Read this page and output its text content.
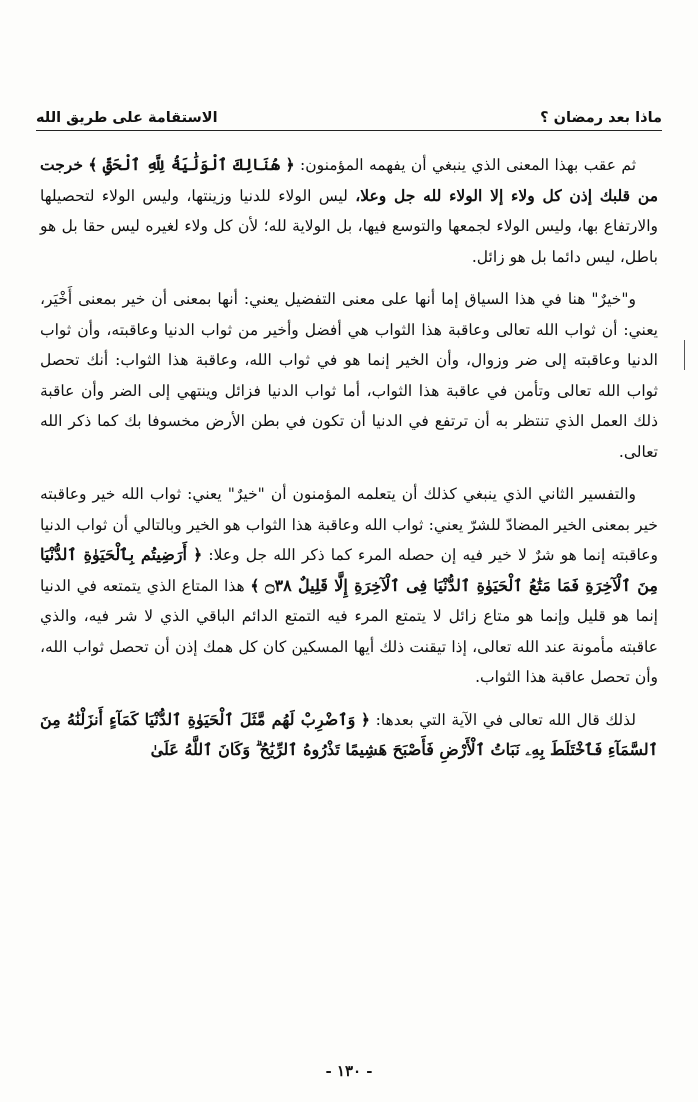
ماذا بعد رمضان ؟
الاستقامة على طريق الله

ثم عقب بهذا المعنى الذي ينبغي أن يفهمه المؤمنون: ﴿ هُنَالِكَ ٱلْوَلَٰيَةُ لِلَّهِ ٱلْحَقِّ ﴾ خرجت من قلبك إذن كل ولاء إلا الولاء لله جل وعلا، ليس الولاء للدنيا وزينتها، وليس الولاء لتحصيلها والارتفاع بها، وليس الولاء لجمعها والتوسع فيها، بل الولاية لله؛ لأن كل ولاء لغيره ليس حقا بل هو باطل، ليس دائما بل هو زائل.

و"خيرٌ" هنا في هذا السياق إما أنها على معنى التفضيل يعني: أنها بمعنى أن خير بمعنى أَخْيَر، يعني: أن ثواب الله تعالى وعاقبة هذا الثواب هي أفضل وأخير من ثواب الدنيا وعاقبته، وأن ثواب الدنيا وعاقبته إلى ضر وزوال، وأن الخير إنما هو في ثواب الله، وعاقبة هذا الثواب: أنك تحصل ثواب الله تعالى وتأمن في عاقبة هذا الثواب، أما ثواب الدنيا فزائل وينتهي إلى الضر وأن عاقبة ذلك العمل الذي تنتظر به أن ترتفع في الدنيا أن تكون في بطن الأرض مخسوفا بك كما ذكر الله تعالى.

والتفسير الثاني الذي ينبغي كذلك أن يتعلمه المؤمنون أن "خيرٌ" يعني: ثواب الله خير وعاقبته خير بمعنى الخير المضادّ للشرّ يعني: ثواب الله وعاقبة هذا الثواب هو الخير وبالتالي أن ثواب الدنيا وعاقبته إنما هو شرٌ لا خير فيه إن حصله المرء كما ذكر الله جل وعلا: ﴿ أَرَضِيتُم بِٱلْحَيَوٰةِ ٱلدُّنْيَا مِنَ ٱلْآخِرَةِ فَمَا مَتَٰعُ ٱلْحَيَوٰةِ ٱلدُّنْيَا فِى ٱلْآخِرَةِ إِلَّا قَلِيلٌ ۝٣٨ ﴾ هذا المتاع الذي يتمتعه في الدنيا إنما هو قليل وإنما هو متاع زائل لا يتمتع المرء فيه التمتع الدائم الباقي الذي لا شر فيه، والذي عاقبته مأمونة عند الله تعالى، إذا تيقنت ذلك أيها المسكين كان كل همك إذن أن تحصل ثواب الله، وأن تحصل عاقبة هذا الثواب.

لذلك قال الله تعالى في الآية التي بعدها: ﴿ وَٱضْرِبْ لَهُم مَّثَلَ ٱلْحَيَوٰةِ ٱلدُّنْيَا كَمَآءٍ أَنزَلْنَٰهُ مِنَ ٱلسَّمَآءِ فَٱخْتَلَطَ بِهِۦ نَبَاتُ ٱلْأَرْضِ فَأَصْبَحَ هَشِيمًا تَذْرُوهُ ٱلرِّيَٰحُ ۗ وَكَانَ ٱللَّهُ عَلَىٰ

- ١٣٠ -
